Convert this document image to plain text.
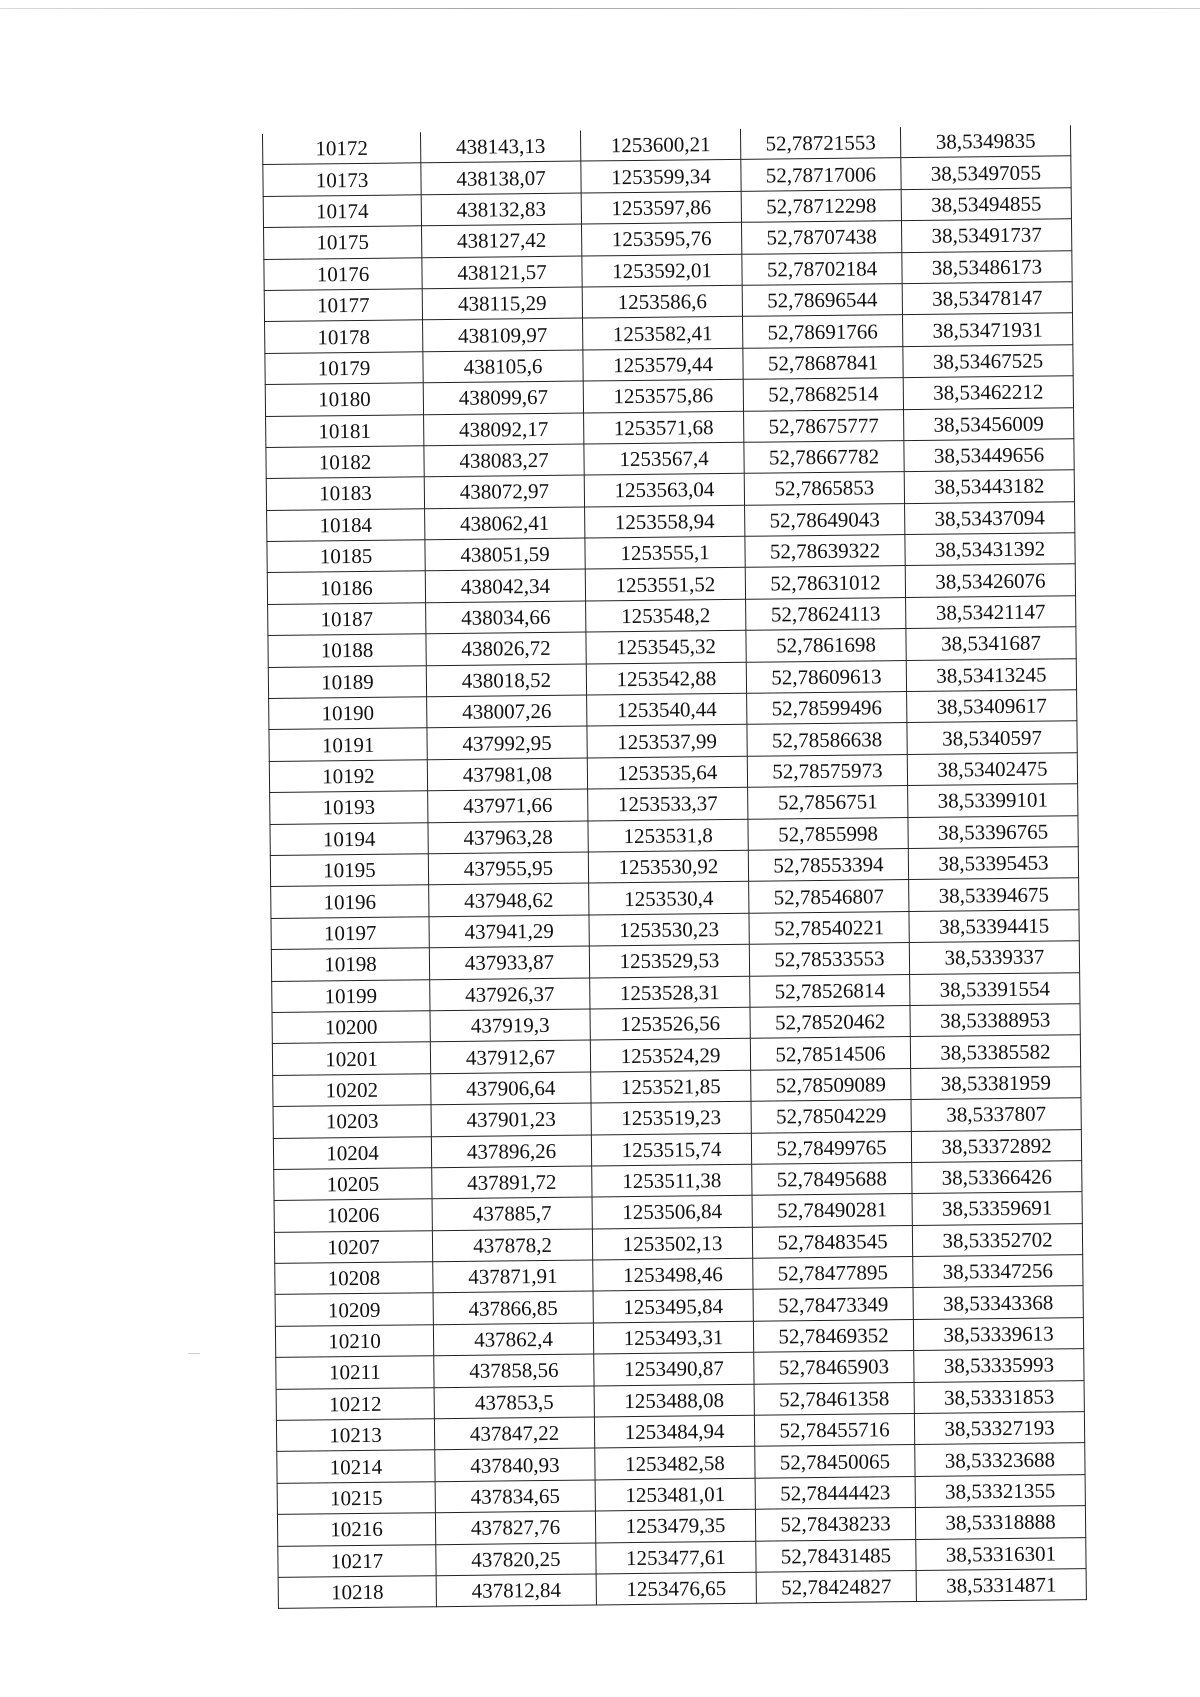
10172	438143,13	1253600,21	52,78721553	38,5349835
10173	438138,07	1253599,34	52,78717006	38,53497055
10174	438132,83	1253597,86	52,78712298	38,53494855
10175	438127,42	1253595,76	52,78707438	38,53491737
10176	438121,57	1253592,01	52,78702184	38,53486173
10177	438115,29	1253586,6	52,78696544	38,53478147
10178	438109,97	1253582,41	52,78691766	38,53471931
10179	438105,6	1253579,44	52,78687841	38,53467525
10180	438099,67	1253575,86	52,78682514	38,53462212
10181	438092,17	1253571,68	52,78675777	38,53456009
10182	438083,27	1253567,4	52,78667782	38,53449656
10183	438072,97	1253563,04	52,7865853	38,53443182
10184	438062,41	1253558,94	52,78649043	38,53437094
10185	438051,59	1253555,1	52,78639322	38,53431392
10186	438042,34	1253551,52	52,78631012	38,53426076
10187	438034,66	1253548,2	52,78624113	38,53421147
10188	438026,72	1253545,32	52,7861698	38,5341687
10189	438018,52	1253542,88	52,78609613	38,53413245
10190	438007,26	1253540,44	52,78599496	38,53409617
10191	437992,95	1253537,99	52,78586638	38,5340597
10192	437981,08	1253535,64	52,78575973	38,53402475
10193	437971,66	1253533,37	52,7856751	38,53399101
10194	437963,28	1253531,8	52,7855998	38,53396765
10195	437955,95	1253530,92	52,78553394	38,53395453
10196	437948,62	1253530,4	52,78546807	38,53394675
10197	437941,29	1253530,23	52,78540221	38,53394415
10198	437933,87	1253529,53	52,78533553	38,5339337
10199	437926,37	1253528,31	52,78526814	38,53391554
10200	437919,3	1253526,56	52,78520462	38,53388953
10201	437912,67	1253524,29	52,78514506	38,53385582
10202	437906,64	1253521,85	52,78509089	38,53381959
10203	437901,23	1253519,23	52,78504229	38,5337807
10204	437896,26	1253515,74	52,78499765	38,53372892
10205	437891,72	1253511,38	52,78495688	38,53366426
10206	437885,7	1253506,84	52,78490281	38,53359691
10207	437878,2	1253502,13	52,78483545	38,53352702
10208	437871,91	1253498,46	52,78477895	38,53347256
10209	437866,85	1253495,84	52,78473349	38,53343368
10210	437862,4	1253493,31	52,78469352	38,53339613
10211	437858,56	1253490,87	52,78465903	38,53335993
10212	437853,5	1253488,08	52,78461358	38,53331853
10213	437847,22	1253484,94	52,78455716	38,53327193
10214	437840,93	1253482,58	52,78450065	38,53323688
10215	437834,65	1253481,01	52,78444423	38,53321355
10216	437827,76	1253479,35	52,78438233	38,53318888
10217	437820,25	1253477,61	52,78431485	38,53316301
10218	437812,84	1253476,65	52,78424827	38,53314871
